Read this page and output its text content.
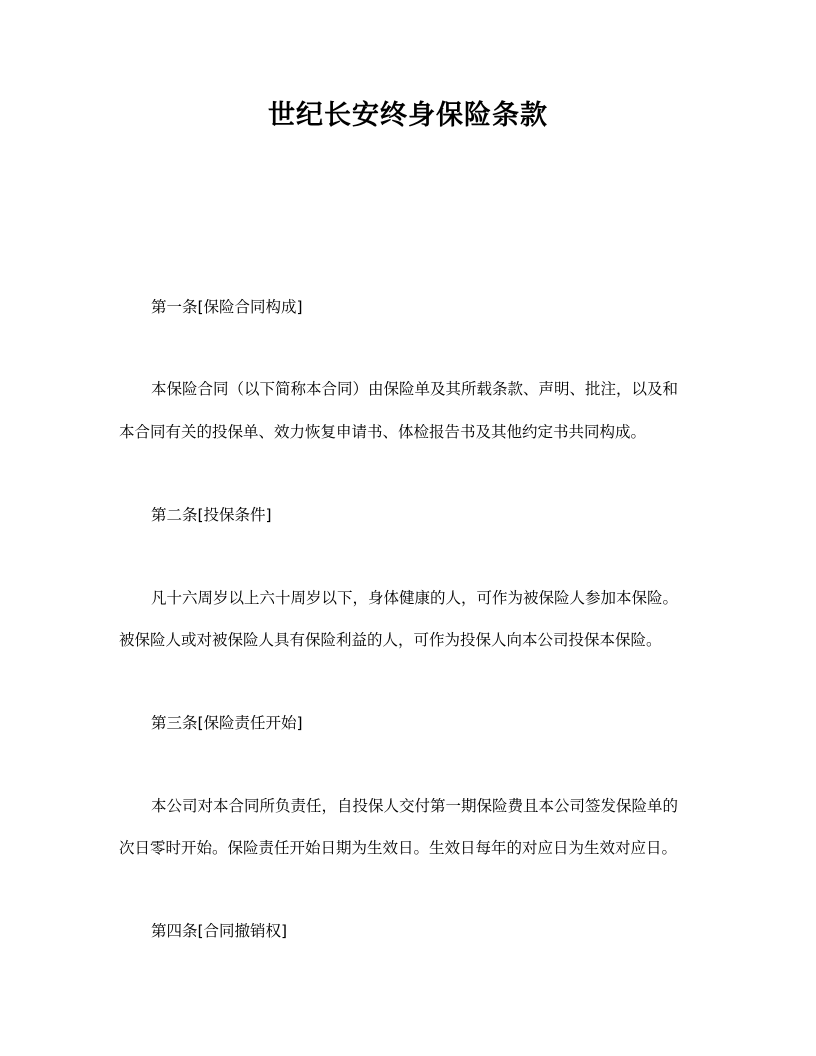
世纪长安终身保险条款
第一条[保险合同构成]
本保险合同（以下简称本合同）由保险单及其所载条款、声明、批注，以及和
本合同有关的投保单、效力恢复申请书、体检报告书及其他约定书共同构成。
第二条[投保条件]
凡十六周岁以上六十周岁以下，身体健康的人，可作为被保险人参加本保险。
被保险人或对被保险人具有保险利益的人，可作为投保人向本公司投保本保险。
第三条[保险责任开始]
本公司对本合同所负责任，自投保人交付第一期保险费且本公司签发保险单的
次日零时开始。保险责任开始日期为生效日。生效日每年的对应日为生效对应日。
第四条[合同撤销权]
